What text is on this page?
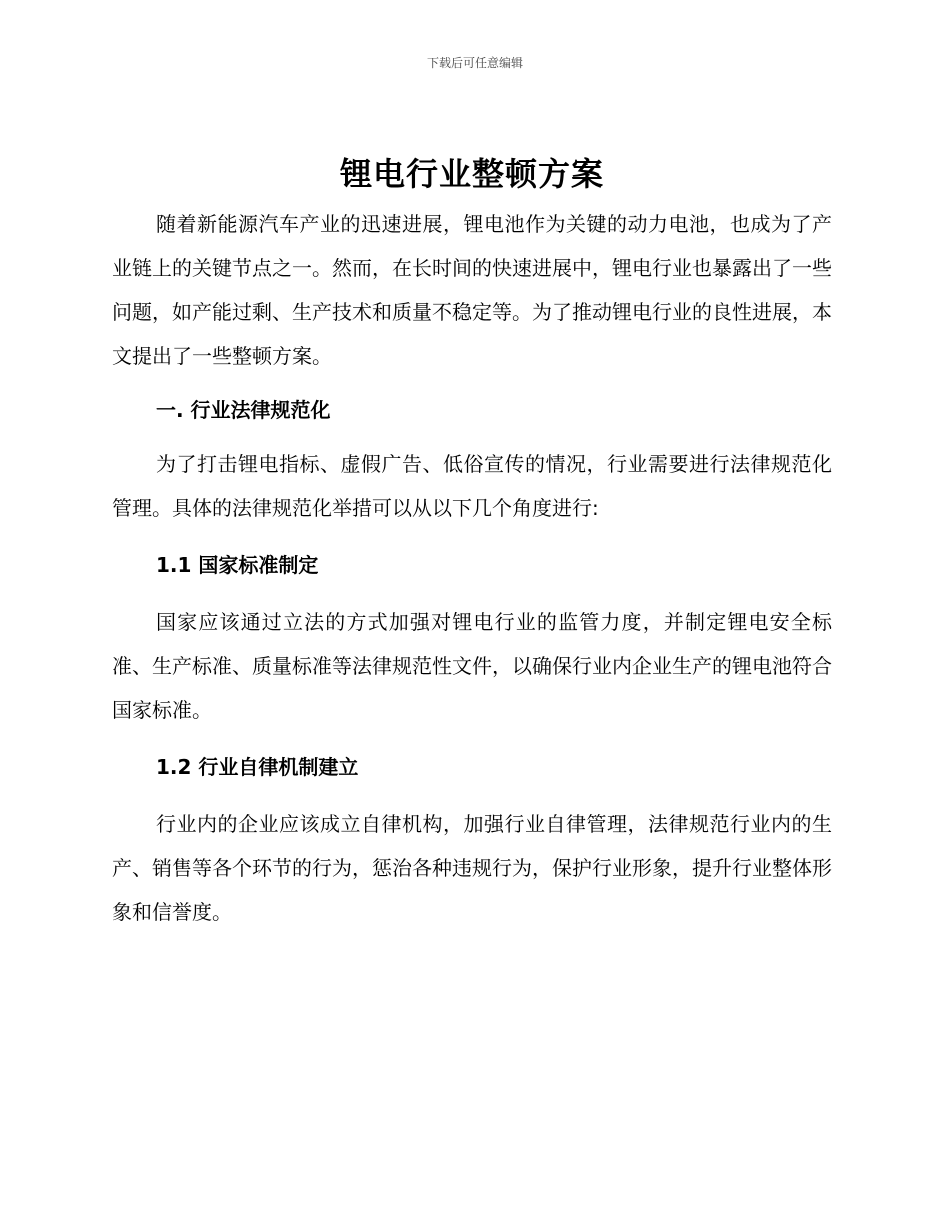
下载后可任意编辑
锂电行业整顿方案

随着新能源汽车产业的迅速进展，锂电池作为关键的动力电池，也成为了产业链上的关键节点之一。然而，在长时间的快速进展中，锂电行业也暴露出了一些问题，如产能过剩、生产技术和质量不稳定等。为了推动锂电行业的良性进展，本文提出了一些整顿方案。

一. 行业法律规范化

为了打击锂电指标、虚假广告、低俗宣传的情况，行业需要进行法律规范化管理。具体的法律规范化举措可以从以下几个角度进行:

1.1 国家标准制定

国家应该通过立法的方式加强对锂电行业的监管力度，并制定锂电安全标准、生产标准、质量标准等法律规范性文件，以确保行业内企业生产的锂电池符合国家标准。

1.2 行业自律机制建立

行业内的企业应该成立自律机构，加强行业自律管理，法律规范行业内的生产、销售等各个环节的行为，惩治各种违规行为，保护行业形象，提升行业整体形象和信誉度。
